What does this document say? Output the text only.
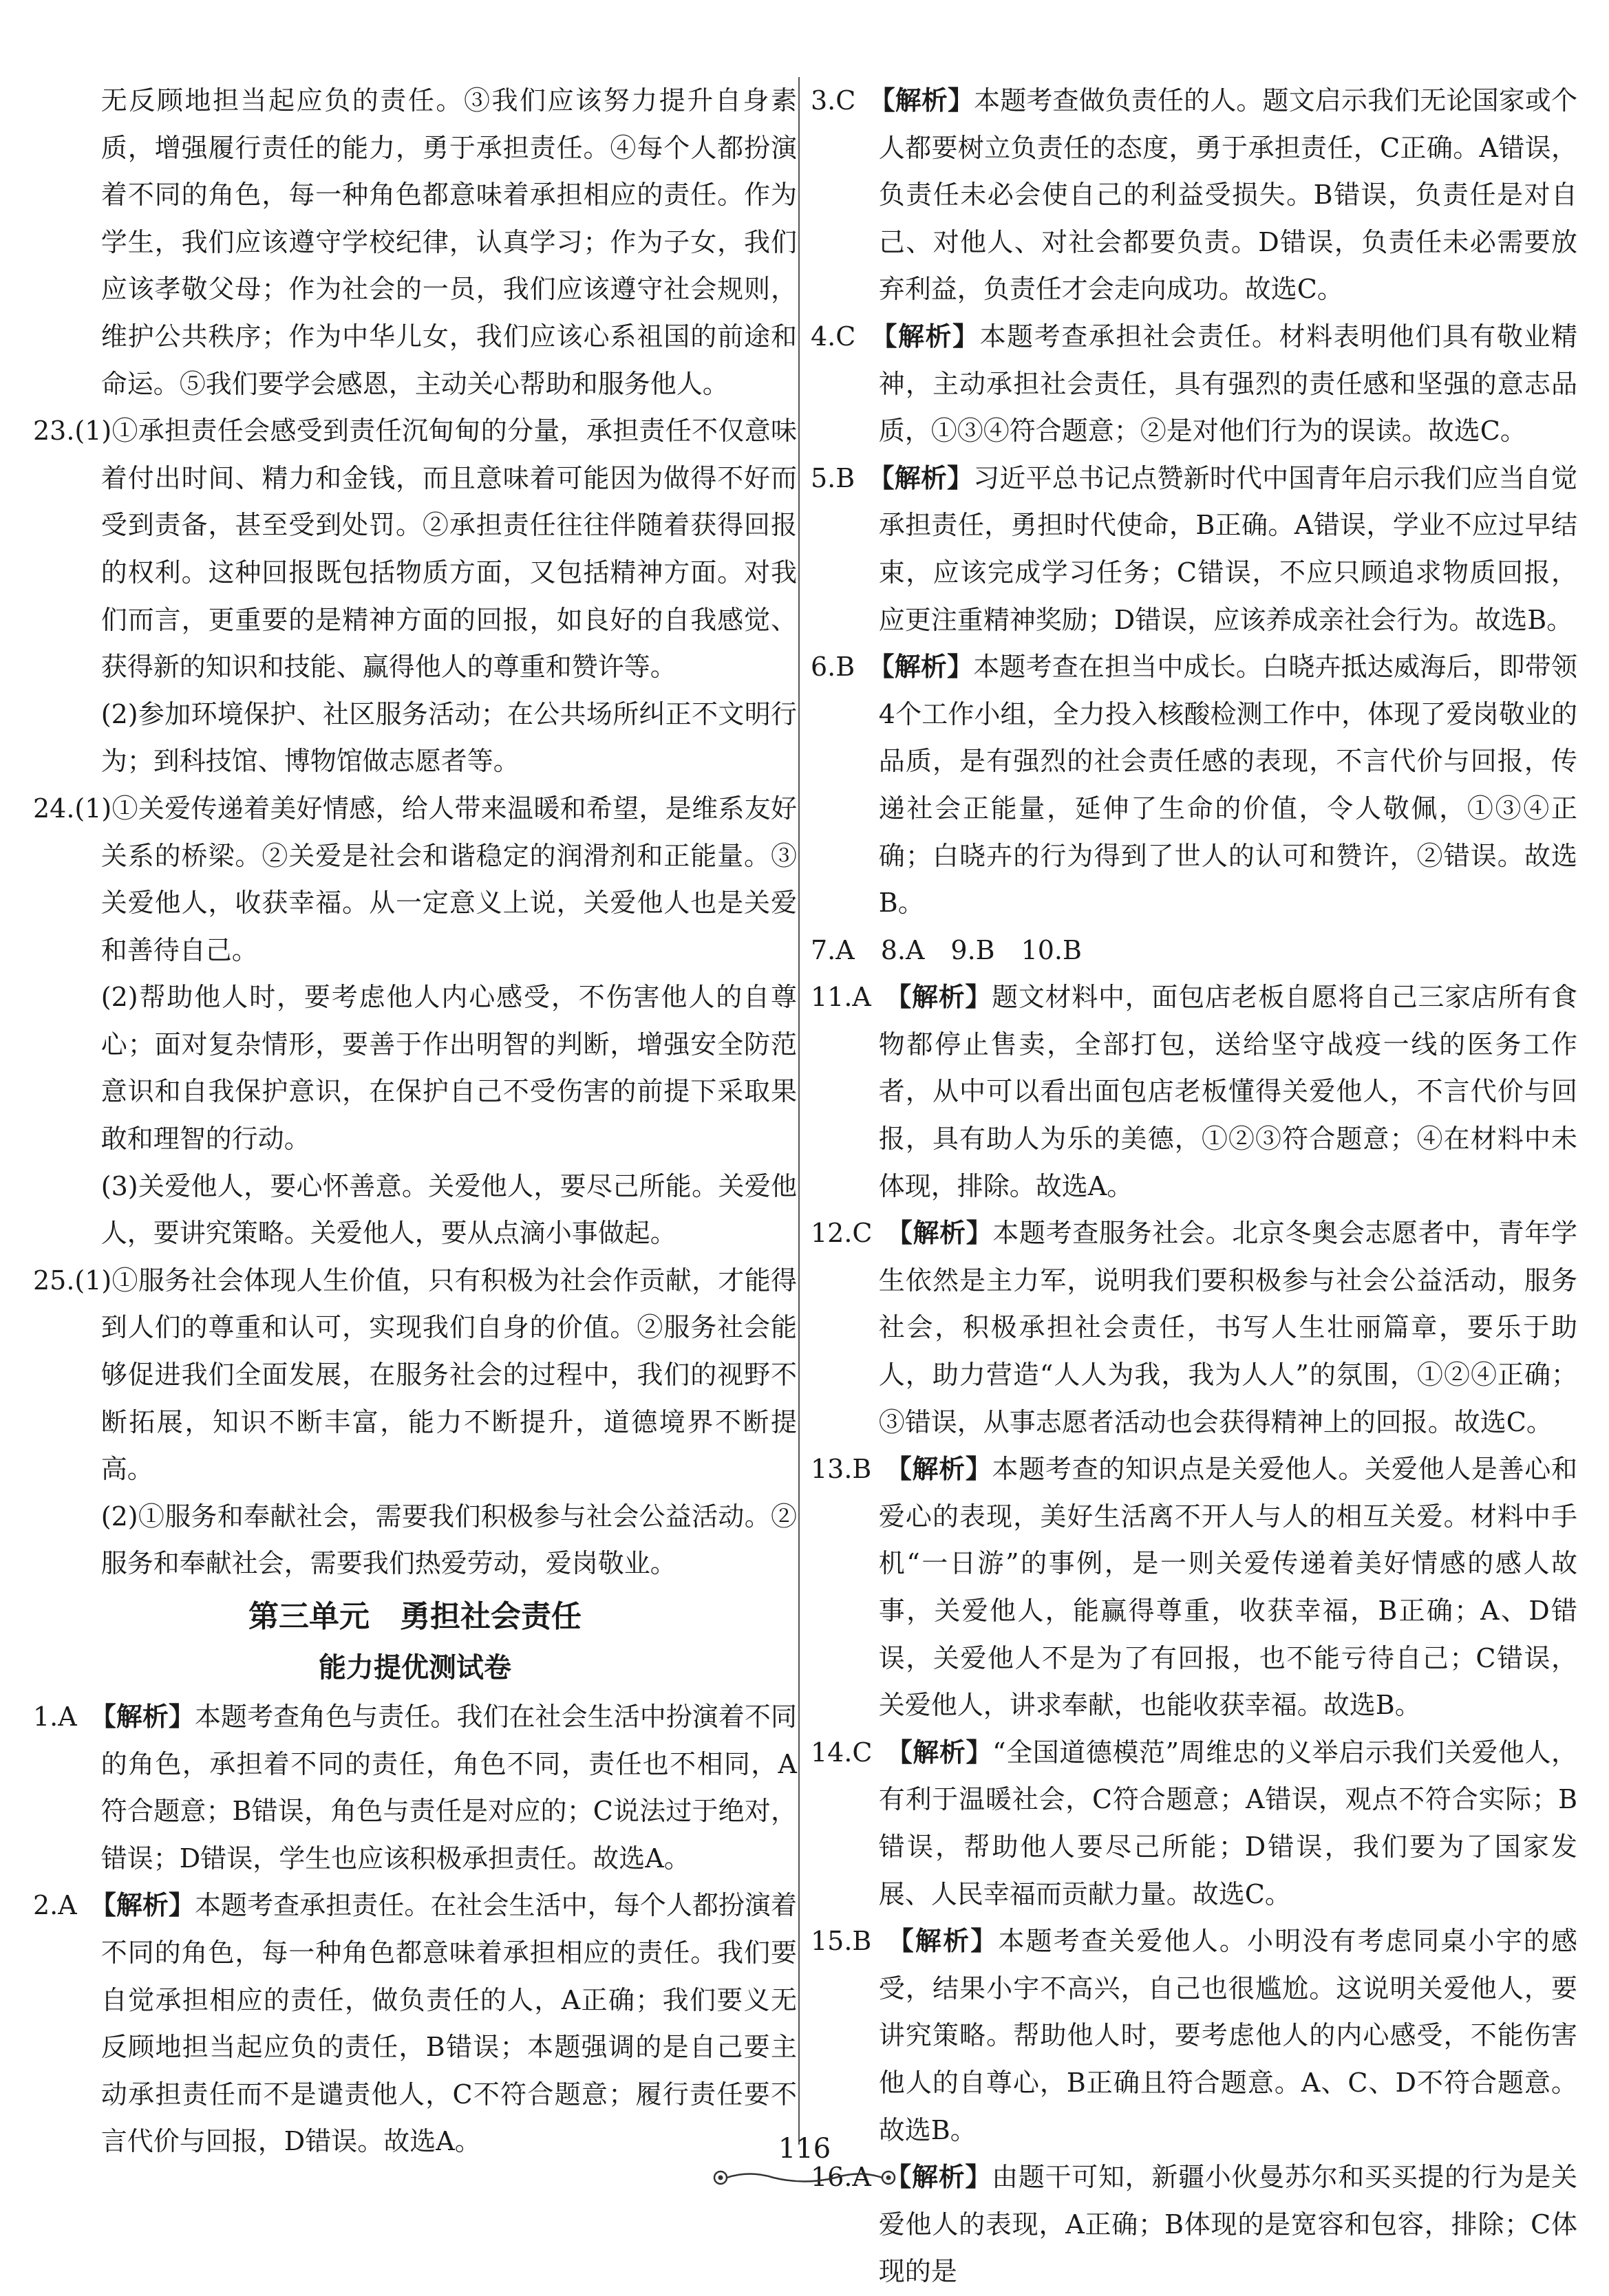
无反顾地担当起应负的责任。③我们应该努力提升自身素质，增强履行责任的能力，勇于承担责任。④每个人都扮演着不同的角色，每一种角色都意味着承担相应的责任。作为学生，我们应该遵守学校纪律，认真学习；作为子女，我们应该孝敬父母；作为社会的一员，我们应该遵守社会规则，维护公共秩序；作为中华儿女，我们应该心系祖国的前途和命运。⑤我们要学会感恩，主动关心帮助和服务他人。

23.(1)①承担责任会感受到责任沉甸甸的分量，承担责任不仅意味着付出时间、精力和金钱，而且意味着可能因为做得不好而受到责备，甚至受到处罚。②承担责任往往伴随着获得回报的权利。这种回报既包括物质方面，又包括精神方面。对我们而言，更重要的是精神方面的回报，如良好的自我感觉、获得新的知识和技能、赢得他人的尊重和赞许等。

(2)参加环境保护、社区服务活动；在公共场所纠正不文明行为；到科技馆、博物馆做志愿者等。

24.(1)①关爱传递着美好情感，给人带来温暖和希望，是维系友好关系的桥梁。②关爱是社会和谐稳定的润滑剂和正能量。③关爱他人，收获幸福。从一定意义上说，关爱他人也是关爱和善待自己。

(2)帮助他人时，要考虑他人内心感受，不伤害他人的自尊心；面对复杂情形，要善于作出明智的判断，增强安全防范意识和自我保护意识，在保护自己不受伤害的前提下采取果敢和理智的行动。

(3)关爱他人，要心怀善意。关爱他人，要尽己所能。关爱他人，要讲究策略。关爱他人，要从点滴小事做起。

25.(1)①服务社会体现人生价值，只有积极为社会作贡献，才能得到人们的尊重和认可，实现我们自身的价值。②服务社会能够促进我们全面发展，在服务社会的过程中，我们的视野不断拓展，知识不断丰富，能力不断提升，道德境界不断提高。

(2)①服务和奉献社会，需要我们积极参与社会公益活动。②服务和奉献社会，需要我们热爱劳动，爱岗敬业。

第三单元　勇担社会责任
能力提优测试卷

1.A　 【解析】本题考查角色与责任。我们在社会生活中扮演着不同的角色，承担着不同的责任，角色不同，责任也不相同，A符合题意；B错误，角色与责任是对应的；C说法过于绝对，错误；D错误，学生也应该积极承担责任。故选A。

2.A　 【解析】本题考查承担责任。在社会生活中，每个人都扮演着不同的角色，每一种角色都意味着承担相应的责任。我们要自觉承担相应的责任，做负责任的人，A正确；我们要义无反顾地担当起应负的责任，B错误；本题强调的是自己要主动承担责任而不是谴责他人，C不符合题意；履行责任要不言代价与回报，D错误。故选A。

3.C　 【解析】本题考查做负责任的人。题文启示我们无论国家或个人都要树立负责任的态度，勇于承担责任，C正确。A错误，负责任未必会使自己的利益受损失。B错误，负责任是对自己、对他人、对社会都要负责。D错误，负责任未必需要放弃利益，负责任才会走向成功。故选C。

4.C　 【解析】本题考查承担社会责任。材料表明他们具有敬业精神，主动承担社会责任，具有强烈的责任感和坚强的意志品质，①③④符合题意；②是对他们行为的误读。故选C。

5.B　 【解析】习近平总书记点赞新时代中国青年启示我们应当自觉承担责任，勇担时代使命，B正确。A错误，学业不应过早结束，应该完成学习任务；C错误，不应只顾追求物质回报，应更注重精神奖励；D错误，应该养成亲社会行为。故选B。

6.B　 【解析】本题考查在担当中成长。白晓卉抵达威海后，即带领4个工作小组，全力投入核酸检测工作中，体现了爱岗敬业的品质，是有强烈的社会责任感的表现，不言代价与回报，传递社会正能量，延伸了生命的价值，令人敬佩，①③④正确；白晓卉的行为得到了世人的认可和赞许，②错误。故选B。

7.A　8.A　9.B　10.B

11.A　 【解析】题文材料中，面包店老板自愿将自己三家店所有食物都停止售卖，全部打包，送给坚守战疫一线的医务工作者，从中可以看出面包店老板懂得关爱他人，不言代价与回报，具有助人为乐的美德，①②③符合题意；④在材料中未体现，排除。故选A。

12.C　 【解析】本题考查服务社会。北京冬奥会志愿者中，青年学生依然是主力军，说明我们要积极参与社会公益活动，服务社会，积极承担社会责任，书写人生壮丽篇章，要乐于助人，助力营造“人人为我，我为人人”的氛围，①②④正确；③错误，从事志愿者活动也会获得精神上的回报。故选C。

13.B　 【解析】本题考查的知识点是关爱他人。关爱他人是善心和爱心的表现，美好生活离不开人与人的相互关爱。材料中手机“一日游”的事例，是一则关爱传递着美好情感的感人故事，关爱他人，能赢得尊重，收获幸福，B正确；A、D错误，关爱他人不是为了有回报，也不能亏待自己；C错误，关爱他人，讲求奉献，也能收获幸福。故选B。

14.C　 【解析】“全国道德模范”周维忠的义举启示我们关爱他人，有利于温暖社会，C符合题意；A错误，观点不符合实际；B错误，帮助他人要尽己所能；D错误，我们要为了国家发展、人民幸福而贡献力量。故选C。

15.B　 【解析】本题考查关爱他人。小明没有考虑同桌小宇的感受，结果小宇不高兴，自己也很尴尬。这说明关爱他人，要讲究策略。帮助他人时，要考虑他人的内心感受，不能伤害他人的自尊心，B正确且符合题意。A、C、D不符合题意。故选B。

16.A　 【解析】由题干可知，新疆小伙曼苏尔和买买提的行为是关爱他人的表现，A正确；B体现的是宽容和包容，排除；C体现的是

116
